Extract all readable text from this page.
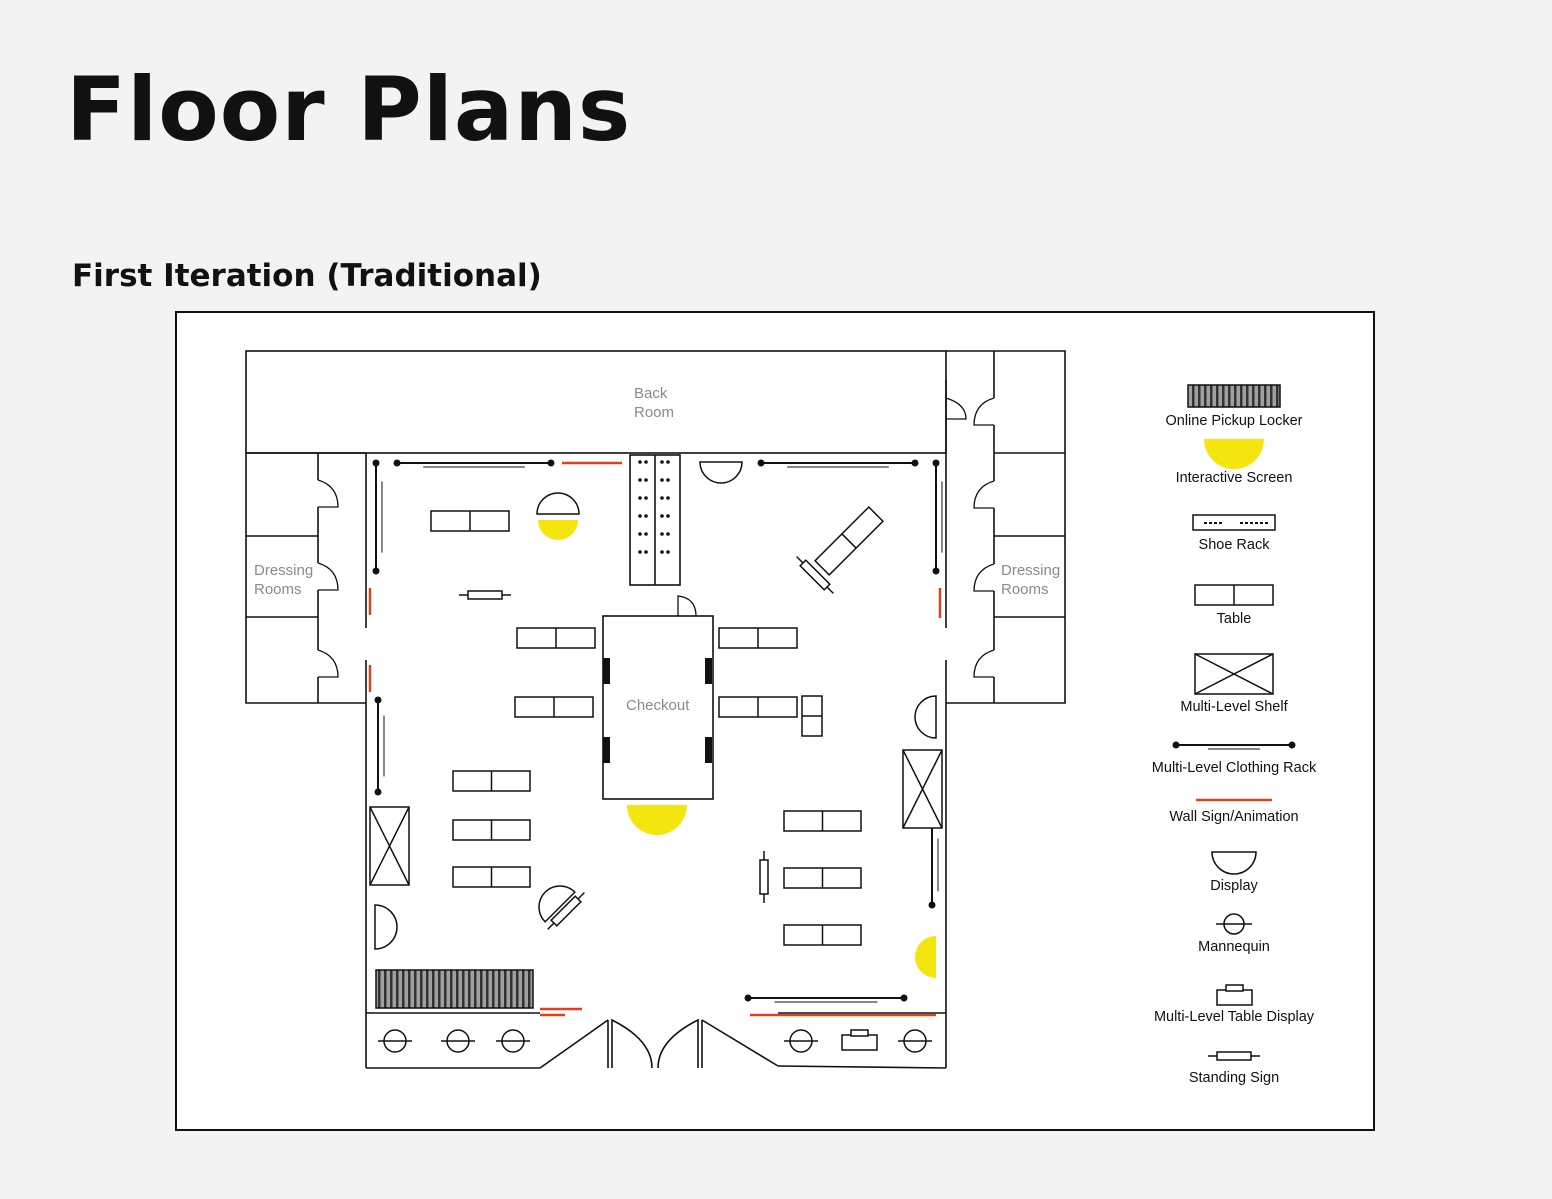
Floor Plans
First Iteration (Traditional)
Back
Room
Dressing
Rooms
Dressing
Rooms
Checkout
Online Pickup Locker
Interactive Screen
Shoe Rack
Table
Multi-Level Shelf
Multi-Level Clothing Rack
Wall Sign/Animation
Display
Mannequin
Multi-Level Table Display
Standing Sign
